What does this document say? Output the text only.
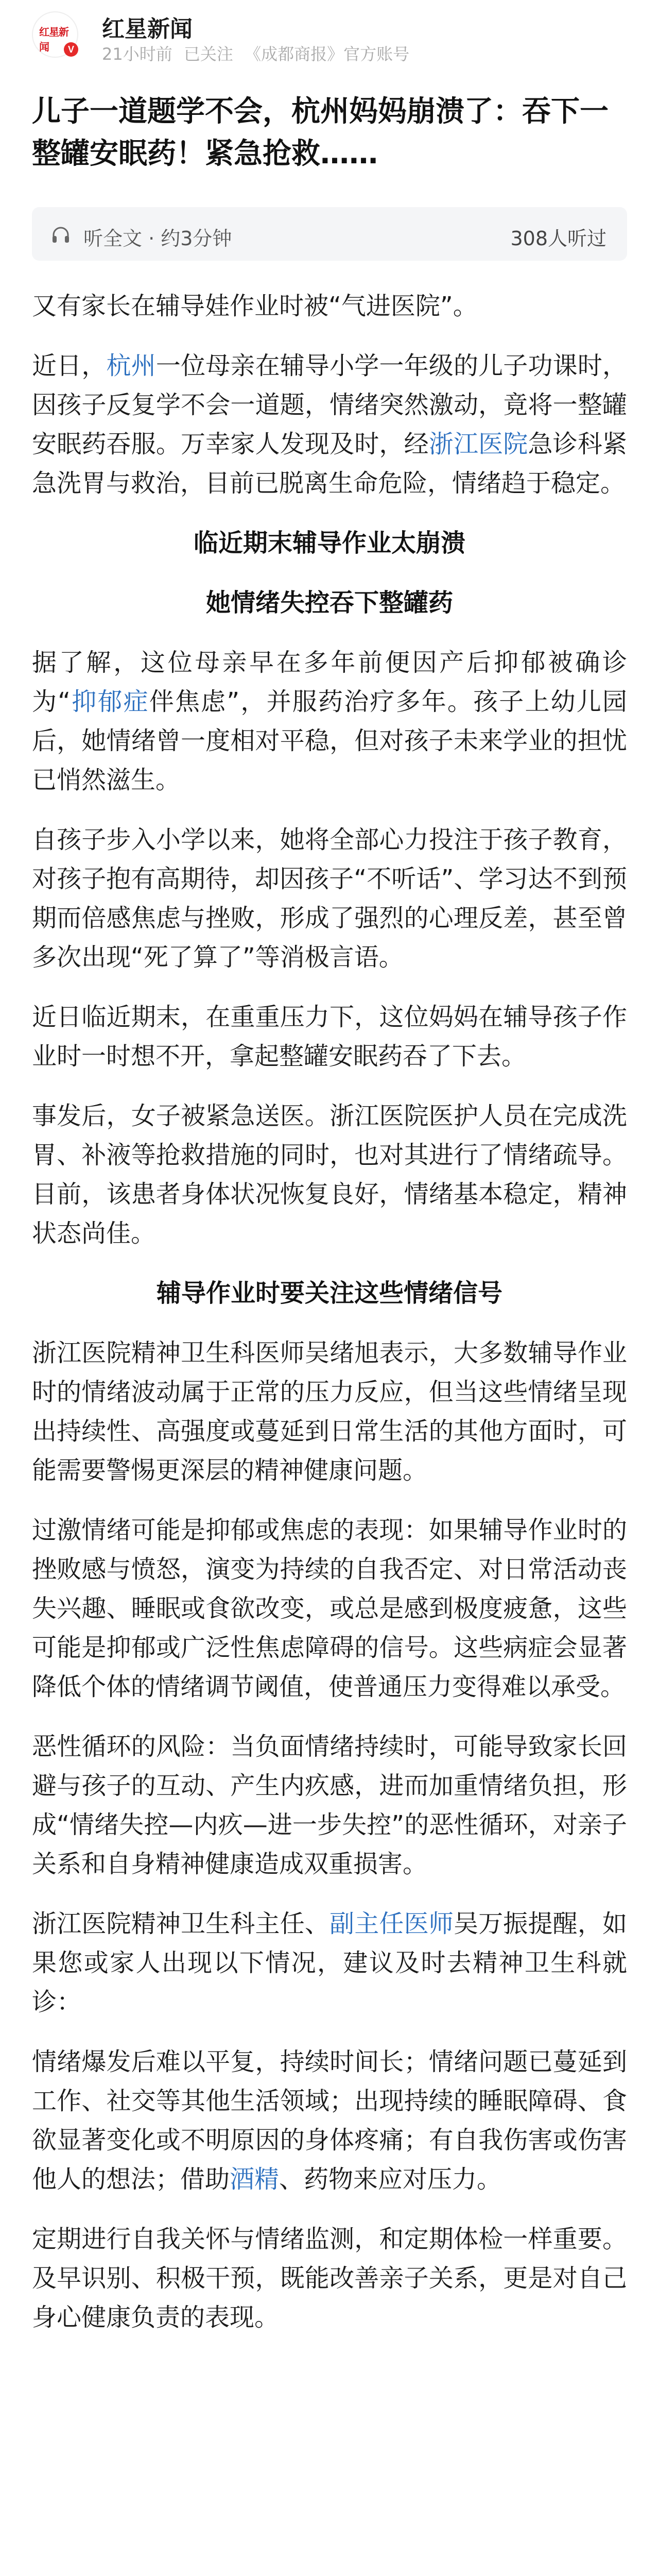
红星新闻	V
红星新闻
21小时前 已关注 《成都商报》官方账号
儿子一道题学不会，杭州妈妈崩溃了：吞下一整罐安眠药！紧急抢救……
听全文 · 约3分钟	308人听过

又有家长在辅导娃作业时被“气进医院”。

近日，杭州一位母亲在辅导小学一年级的儿子功课时，因孩子反复学不会一道题，情绪突然激动，竟将一整罐安眠药吞服。万幸家人发现及时，经浙江医院急诊科紧急洗胃与救治，目前已脱离生命危险，情绪趋于稳定。

临近期末辅导作业太崩溃
她情绪失控吞下整罐药

据了解，这位母亲早在多年前便因产后抑郁被确诊为“抑郁症伴焦虑”，并服药治疗多年。孩子上幼儿园后，她情绪曾一度相对平稳，但对孩子未来学业的担忧已悄然滋生。

自孩子步入小学以来，她将全部心力投注于孩子教育，对孩子抱有高期待，却因孩子“不听话”、学习达不到预期而倍感焦虑与挫败，形成了强烈的心理反差，甚至曾多次出现“死了算了”等消极言语。

近日临近期末，在重重压力下，这位妈妈在辅导孩子作业时一时想不开，拿起整罐安眠药吞了下去。

事发后，女子被紧急送医。浙江医院医护人员在完成洗胃、补液等抢救措施的同时，也对其进行了情绪疏导。目前，该患者身体状况恢复良好，情绪基本稳定，精神状态尚佳。

辅导作业时要关注这些情绪信号

浙江医院精神卫生科医师吴绪旭表示，大多数辅导作业时的情绪波动属于正常的压力反应，但当这些情绪呈现出持续性、高强度或蔓延到日常生活的其他方面时，可能需要警惕更深层的精神健康问题。

过激情绪可能是抑郁或焦虑的表现：如果辅导作业时的挫败感与愤怒，演变为持续的自我否定、对日常活动丧失兴趣、睡眠或食欲改变，或总是感到极度疲惫，这些可能是抑郁或广泛性焦虑障碍的信号。这些病症会显著降低个体的情绪调节阈值，使普通压力变得难以承受。

恶性循环的风险：当负面情绪持续时，可能导致家长回避与孩子的互动、产生内疚感，进而加重情绪负担，形成“情绪失控—内疚—进一步失控”的恶性循环，对亲子关系和自身精神健康造成双重损害。

浙江医院精神卫生科主任、副主任医师吴万振提醒，如果您或家人出现以下情况，建议及时去精神卫生科就诊：

情绪爆发后难以平复，持续时间长；情绪问题已蔓延到工作、社交等其他生活领域；出现持续的睡眠障碍、食欲显著变化或不明原因的身体疼痛；有自我伤害或伤害他人的想法；借助酒精、药物来应对压力。

定期进行自我关怀与情绪监测，和定期体检一样重要。及早识别、积极干预，既能改善亲子关系，更是对自己身心健康负责的表现。
